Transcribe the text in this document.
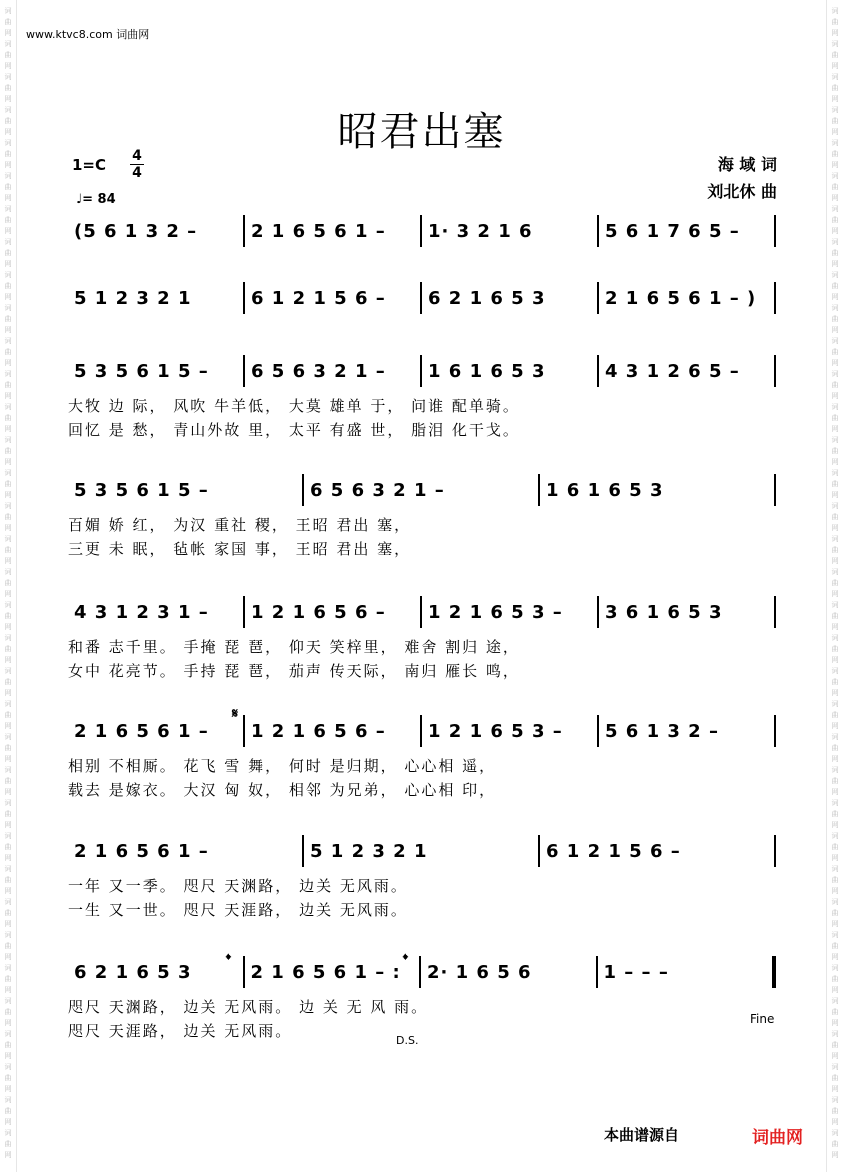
词
曲
网
词
曲
网
词
曲
网
词
曲
网
词
曲
网
词
曲
网
词
曲
网
词
曲
网
词
曲
网
词
曲
网
词
曲
网
词
曲
网
词
曲
网
词
曲
网
词
曲
网
词
曲
网
词
曲
网
词
曲
网
词
曲
网
词
曲
网
词
曲
网
词
曲
网
词
曲
网
词
曲
网
词
曲
网
词
曲
网
词
曲
网
词
曲
网
词
曲
网
词
曲
网
词
曲
网
词
曲
网
词
曲
网
词
曲
网
词
曲
网
词
曲
网
词
曲
网
词
曲
网
词
曲
网
词
曲
网
词
曲
网
词
曲
网
词
曲
网
词
曲
网
词
曲
网
词
曲
网
词
曲
网
词
曲
网
词
曲
网
词
曲
网
词
曲
网
词
曲
网
词
曲
网
词
曲
网
词
曲
网
词
曲
网
词
曲
网
词
曲
网
词
曲
网
词
曲
网
词
曲
网
词
曲
网
词
曲
网
词
曲
网
词
曲
网
词
曲
网
词
曲
网
词
曲
网
词
曲
网
词
曲
网
www.ktvc8.com 词曲网
昭君出塞
1=C 4
4
♩= 84
海 域 词
刘北休 曲
(5 6 1 3 2 –	2 1 6 5 6 1 –	1· 3 2 1 6	5 6 1 7 6 5 –
5 1 2 3 2 1	6 1 2 1 5 6 –	6 2 1 6 5 3	2 1 6 5 6 1 – )
5 3 5 6 1 5 –	6 5 6 3 2 1 –	1 6 1 6 5 3	4 3 1 2 6 5 –
大牧 边 际， 风吹 牛羊低， 大莫 雄单 于， 问谁 配单骑。
回忆 是 愁， 青山外故 里， 太平 有盛 世， 脂泪 化干戈。
5 3 5 6 1 5 –	6 5 6 3 2 1 –	1 6 1 6 5 3
百媚 娇 红， 为汉 重社 稷， 王昭 君出 塞，
三更 未 眠， 毡帐 家国 事， 王昭 君出 塞，
4 3 1 2 3 1 –	1 2 1 6 5 6 –	1 2 1 6 5 3 –	3 6 1 6 5 3
和番 志千里。 手掩 琵 琶， 仰天 笑梓里， 难舍 割归 途，
女中 花亮节。 手持 琵 琶， 茄声 传天际， 南归 雁长 鸣，
2 1 6 5 6 1 –	1 2 1 6 5 6 –	1 2 1 6 5 3 –	5 6 1 3 2 –
相别 不相厮。 花飞 雪 舞， 何时 是归期， 心心相 遥，
载去 是嫁衣。 大汉 匈 奴， 相邻 为兄弟， 心心相 印，
2 1 6 5 6 1 –	5 1 2 3 2 1	6 1 2 1 5 6 –
一年 又一季。 咫尺 天渊路， 边关 无风雨。
一生 又一世。 咫尺 天涯路， 边关 无风雨。
6 2 1 6 5 3	2 1 6 5 6 1 – :	2· 1 6 5 6	1 – – –
咫尺 天渊路， 边关 无风雨。 边 关 无 风 雨。
咫尺 天涯路， 边关 无风雨。
𝄋
𝄌	𝄌
Fine
D.S.
本曲谱源自	词曲网
